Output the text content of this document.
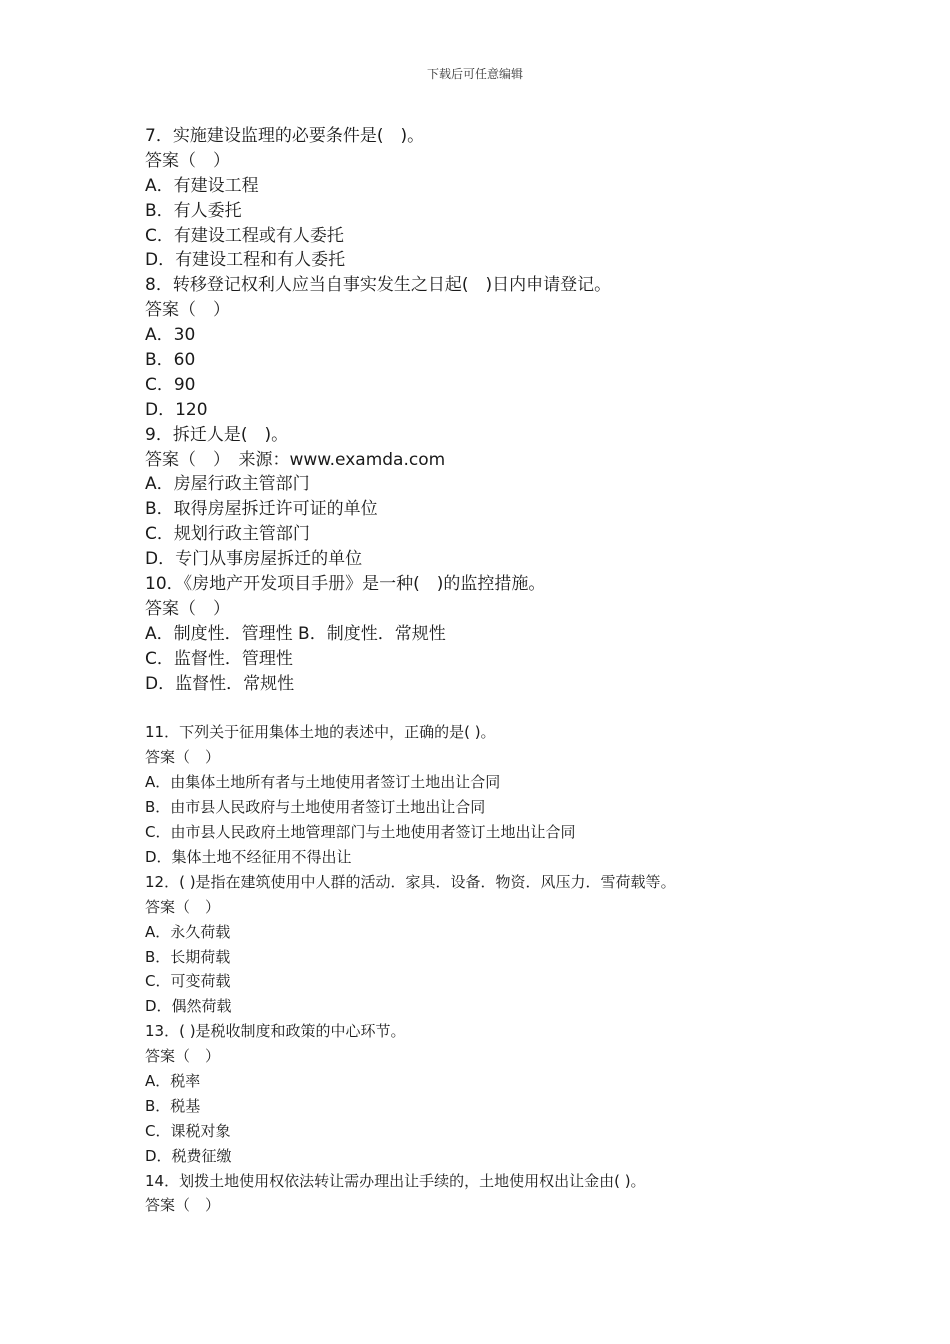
下载后可任意编辑
7．实施建设监理的必要条件是(　)。
答案（　）
A．有建设工程
B．有人委托
C．有建设工程或有人委托
D．有建设工程和有人委托
8．转移登记权利人应当自事实发生之日起(　)日内申请登记。
答案（　）
A．30
B．60
C．90
D．120
9．拆迁人是(　)。
答案（　）　来源：www.examda.com
A．房屋行政主管部门
B．取得房屋拆迁许可证的单位
C．规划行政主管部门
D．专门从事房屋拆迁的单位
10．《房地产开发项目手册》是一种(　)的监控措施。
答案（　）
A．制度性．管理性 B．制度性．常规性
C．监督性．管理性
D．监督性．常规性
11．下列关于征用集体土地的表述中，正确的是( )。
答案（　）
A．由集体土地所有者与土地使用者签订土地出让合同
B．由市县人民政府与土地使用者签订土地出让合同
C．由市县人民政府土地管理部门与土地使用者签订土地出让合同
D．集体土地不经征用不得出让
12．( )是指在建筑使用中人群的活动．家具．设备．物资．风压力．雪荷载等。
答案（　）
A．永久荷载
B．长期荷载
C．可变荷载
D．偶然荷载
13．( )是税收制度和政策的中心环节。
答案（　）
A．税率
B．税基
C．课税对象
D．税费征缴
14．划拨土地使用权依法转让需办理出让手续的，土地使用权出让金由( )。
答案（　）
